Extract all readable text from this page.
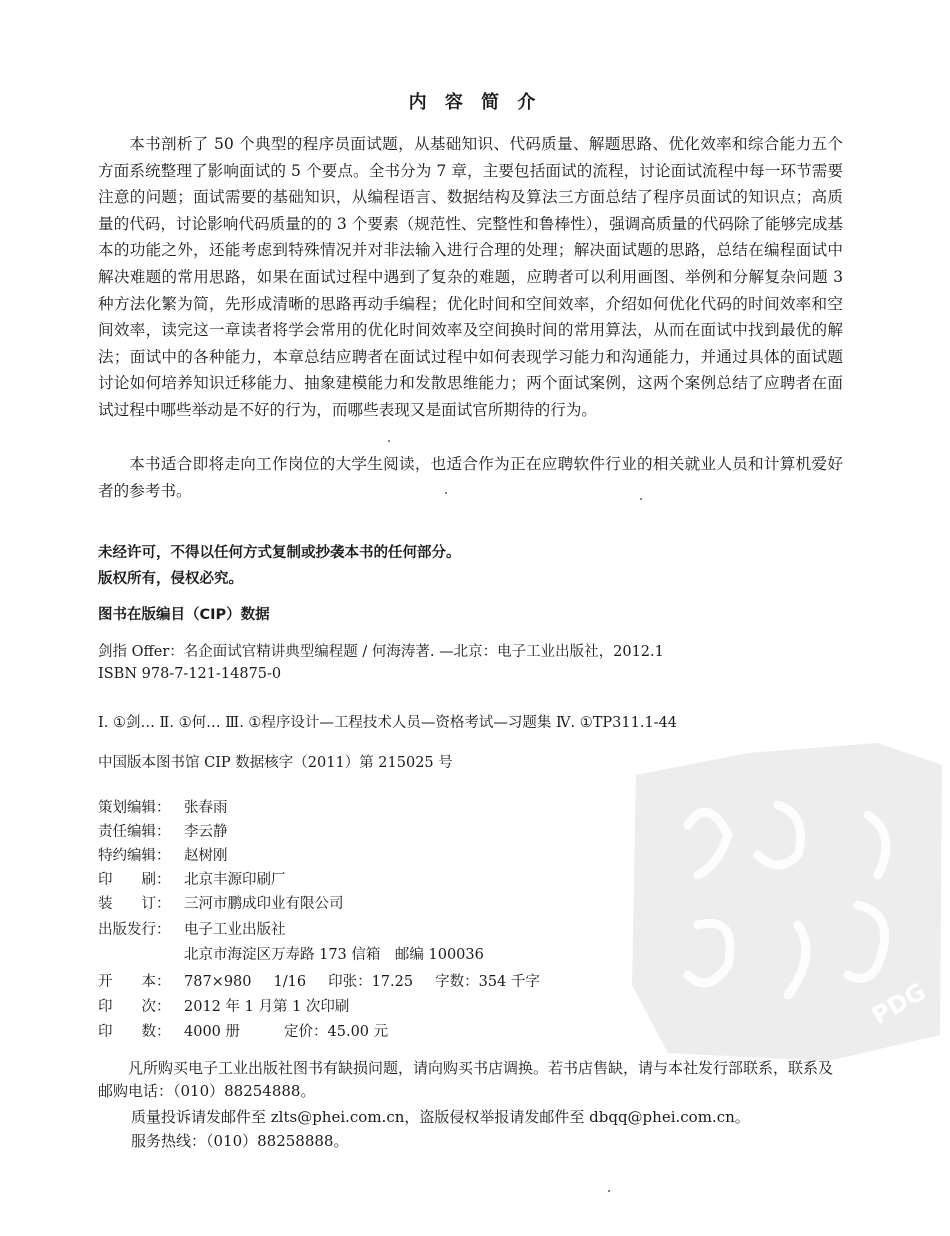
内 容 简 介

本书剖析了 50 个典型的程序员面试题，从基础知识、代码质量、解题思路、优化效率和综合能力五个方面系统整理了影响面试的 5 个要点。全书分为 7 章，主要包括面试的流程，讨论面试流程中每一环节需要注意的问题；面试需要的基础知识，从编程语言、数据结构及算法三方面总结了程序员面试的知识点；高质量的代码，讨论影响代码质量的的 3 个要素（规范性、完整性和鲁棒性），强调高质量的代码除了能够完成基本的功能之外，还能考虑到特殊情况并对非法输入进行合理的处理；解决面试题的思路，总结在编程面试中解决难题的常用思路，如果在面试过程中遇到了复杂的难题，应聘者可以利用画图、举例和分解复杂问题 3 种方法化繁为简，先形成清晰的思路再动手编程；优化时间和空间效率，介绍如何优化代码的时间效率和空间效率，读完这一章读者将学会常用的优化时间效率及空间换时间的常用算法，从而在面试中找到最优的解法；面试中的各种能力，本章总结应聘者在面试过程中如何表现学习能力和沟通能力，并通过具体的面试题讨论如何培养知识迁移能力、抽象建模能力和发散思维能力；两个面试案例，这两个案例总结了应聘者在面试过程中哪些举动是不好的行为，而哪些表现又是面试官所期待的行为。

本书适合即将走向工作岗位的大学生阅读，也适合作为正在应聘软件行业的相关就业人员和计算机爱好者的参考书。

未经许可，不得以任何方式复制或抄袭本书的任何部分。
版权所有，侵权必究。
图书在版编目（CIP）数据
剑指 Offer：名企面试官精讲典型编程题 / 何海涛著. —北京：电子工业出版社，2012.1
ISBN 978-7-121-14875-0
Ⅰ. ①剑… Ⅱ. ①何… Ⅲ. ①程序设计—工程技术人员—资格考试—习题集 Ⅳ. ①TP311.1-44
中国版本图书馆 CIP 数据核字（2011）第 215025 号
策划编辑： 张春雨
责任编辑： 李云静
特约编辑： 赵树刚
印　　刷： 北京丰源印刷厂
装　　订： 三河市鹏成印业有限公司
出版发行： 电子工业出版社
北京市海淀区万寿路 173 信箱　邮编 100036
开　　本： 787×980 1/16 印张：17.25 字数：354 千字
印　　次： 2012 年 1 月第 1 次印刷
印　　数： 4000 册	定价：45.00 元

凡所购买电子工业出版社图书有缺损问题，请向购买书店调换。若书店售缺，请与本社发行部联系，联系及邮购电话：（010）88254888。

质量投诉请发邮件至 zlts@phei.com.cn，盗版侵权举报请发邮件至 dbqq@phei.com.cn。

服务热线：（010）88258888。

PDG
